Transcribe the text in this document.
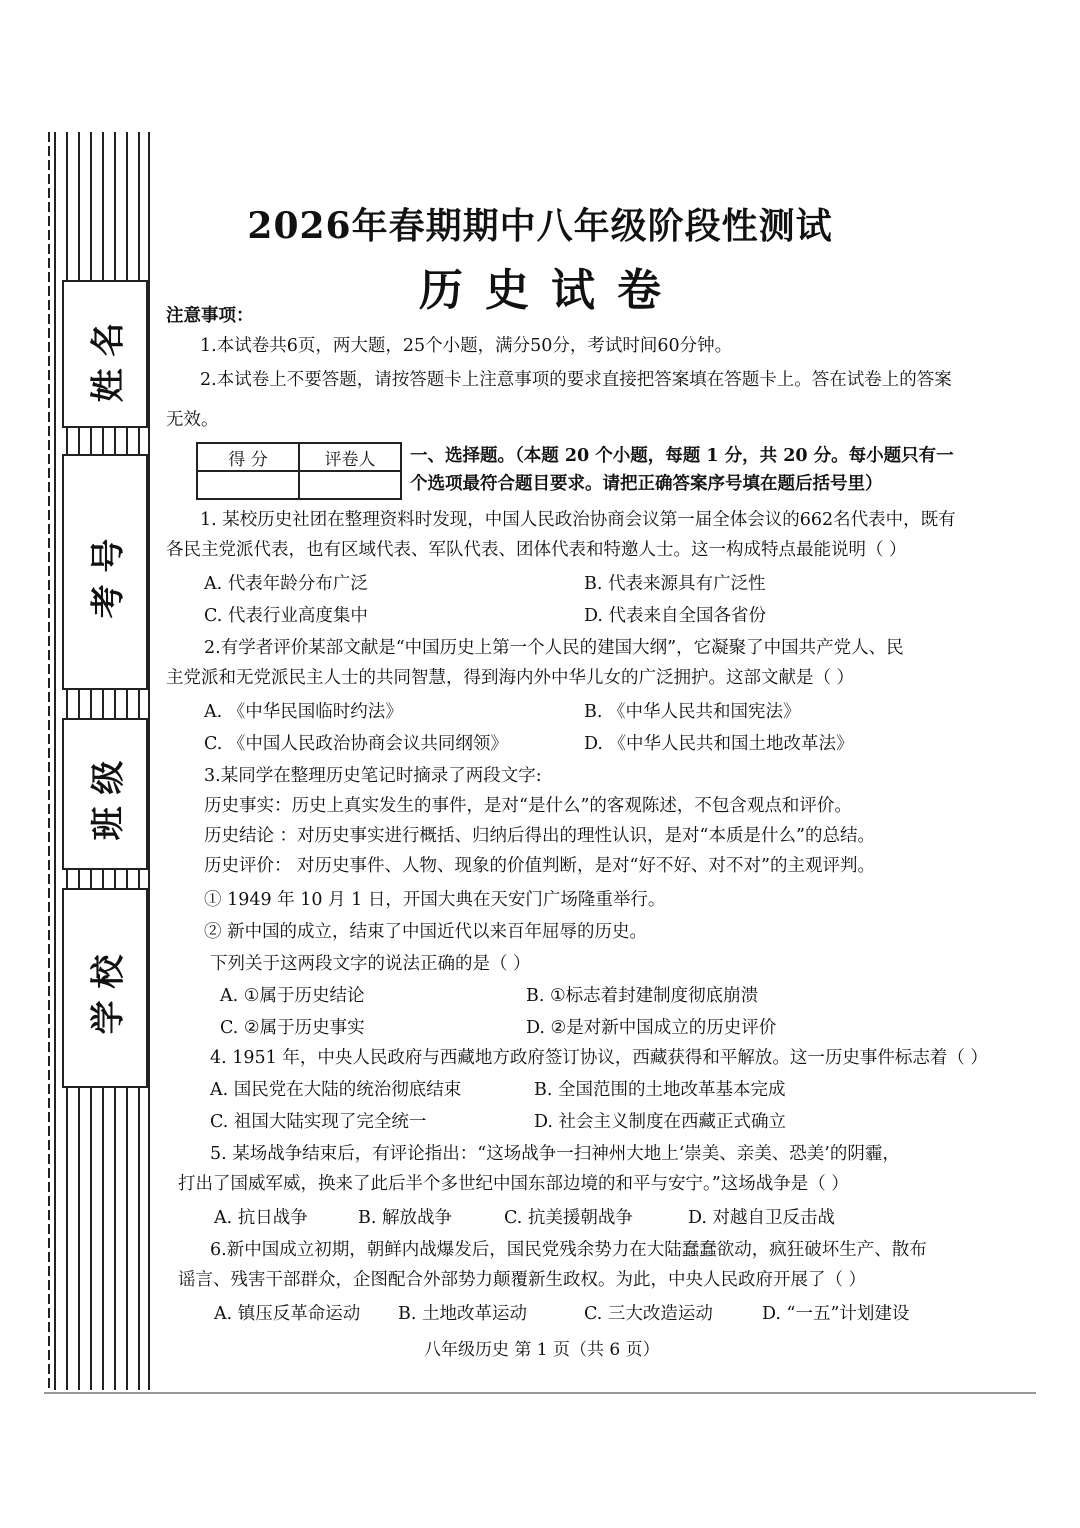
姓 名
考 号
班 级
学 校
2026年春期期中八年级阶段性测试
历史试卷
注意事项：
1.本试卷共6页，两大题，25个小题，满分50分，考试时间60分钟。
2.本试卷上不要答题，请按答题卡上注意事项的要求直接把答案填在答题卡上。答在试卷上的答案
无效。
得 分	评卷人
	一、选择题。（本题 20 个小题，每题 1 分，共 20 分。每小题只有一
个选项最符合题目要求。请把正确答案序号填在题后括号里）
1. 某校历史社团在整理资料时发现，中国人民政治协商会议第一届全体会议的662名代表中，既有
各民主党派代表，也有区域代表、军队代表、团体代表和特邀人士。这一构成特点最能说明（ ）
A. 代表年龄分布广泛	B. 代表来源具有广泛性
C. 代表行业高度集中	D. 代表来自全国各省份
2.有学者评价某部文献是“中国历史上第一个人民的建国大纲”，它凝聚了中国共产党人、民
主党派和无党派民主人士的共同智慧，得到海内外中华儿女的广泛拥护。这部文献是（ ）
A. 《中华民国临时约法》	B. 《中华人民共和国宪法》
C. 《中国人民政治协商会议共同纲领》	D. 《中华人民共和国土地改革法》
3.某同学在整理历史笔记时摘录了两段文字:
历史事实：历史上真实发生的事件，是对“是什么”的客观陈述，不包含观点和评价。
历史结论 ：对历史事实进行概括、归纳后得出的理性认识，是对“本质是什么”的总结。
历史评价： 对历史事件、人物、现象的价值判断，是对“好不好、对不对”的主观评判。
① 1949 年 10 月 1 日，开国大典在天安门广场隆重举行。
② 新中国的成立，结束了中国近代以来百年屈辱的历史。
下列关于这两段文字的说法正确的是（ ）
A. ①属于历史结论	B. ①标志着封建制度彻底崩溃
C. ②属于历史事实	D. ②是对新中国成立的历史评价
4. 1951 年，中央人民政府与西藏地方政府签订协议，西藏获得和平解放。这一历史事件标志着（ ）
A. 国民党在大陆的统治彻底结束	B. 全国范围的土地改革基本完成
C. 祖国大陆实现了完全统一	D. 社会主义制度在西藏正式确立
5. 某场战争结束后，有评论指出：“这场战争一扫神州大地上‘崇美、亲美、恐美’的阴霾，
打出了国威军威，换来了此后半个多世纪中国东部边境的和平与安宁。”这场战争是（ ）
A. 抗日战争	B. 解放战争	C. 抗美援朝战争	D. 对越自卫反击战
6.新中国成立初期，朝鲜内战爆发后，国民党残余势力在大陆蠢蠢欲动，疯狂破坏生产、散布
谣言、残害干部群众，企图配合外部势力颠覆新生政权。为此，中央人民政府开展了（ ）
A. 镇压反革命运动 B. 土地改革运动	C. 三大改造运动	D. “一五”计划建设
八年级历史 第 1 页（共 6 页）
